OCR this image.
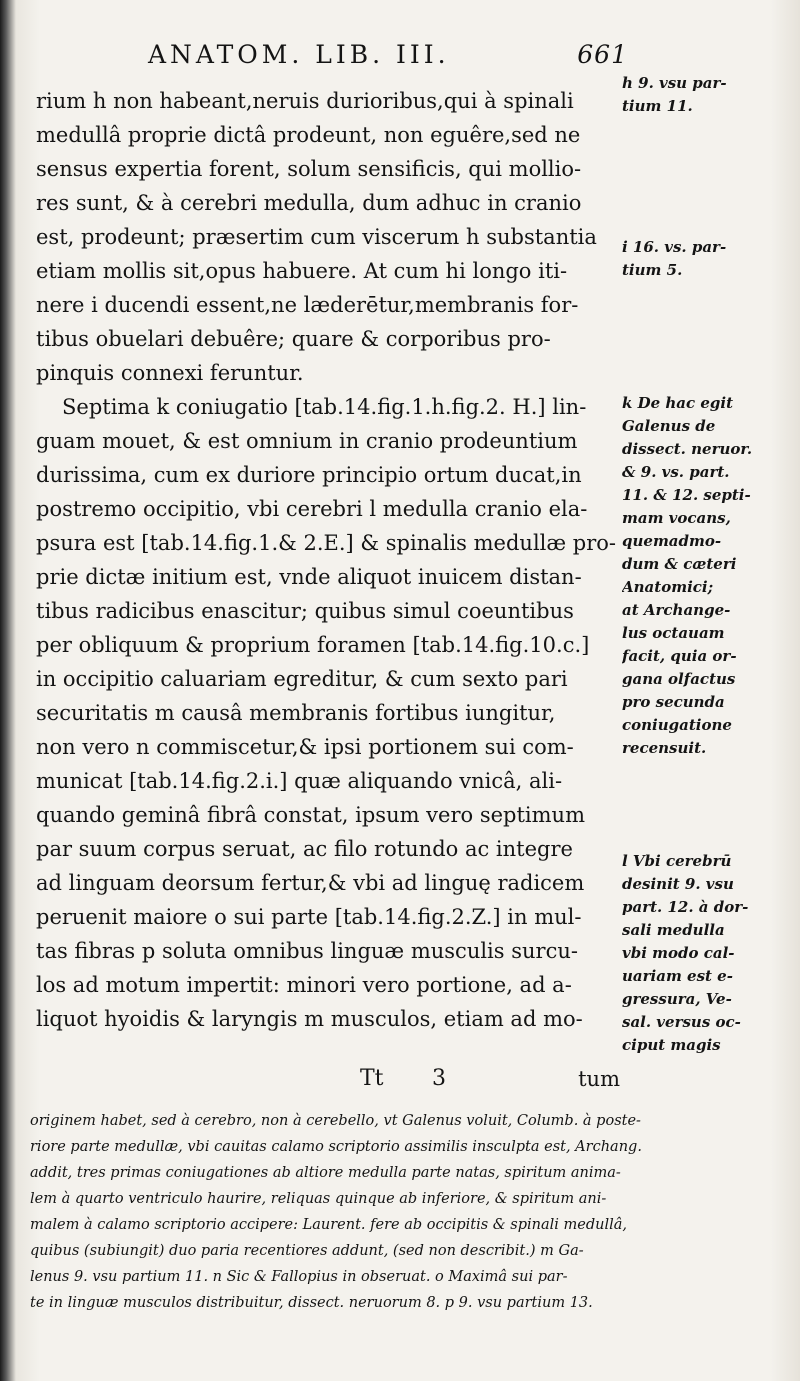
ANATOM. LIB. III.	661
rium h non habeant,neruis durioribus,qui à spinali
medullâ proprie dictâ prodeunt, non eguêre,sed ne
sensus expertia forent, solum sensificis, qui mollio-
res sunt, & à cerebri medulla, dum adhuc in cranio
est, prodeunt; præsertim cum viscerum h substantia
etiam mollis sit,opus habuere. At cum hi longo iti-
nere i ducendi essent,ne læderētur,membranis for-
tibus obuelari debuêre; quare & corporibus pro-
pinquis connexi feruntur.
Septima k coniugatio [tab.14.fig.1.h.fig.2. H.] lin-
guam mouet, & est omnium in cranio prodeuntium
durissima, cum ex duriore principio ortum ducat,in
postremo occipitio, vbi cerebri l medulla cranio ela-
psura est [tab.14.fig.1.& 2.E.] & spinalis medullæ pro-
prie dictæ initium est, vnde aliquot inuicem distan-
tibus radicibus enascitur; quibus simul coeuntibus
per obliquum & proprium foramen [tab.14.fig.10.c.]
in occipitio caluariam egreditur, & cum sexto pari
securitatis m causâ membranis fortibus iungitur,
non vero n commiscetur,& ipsi portionem sui com-
municat [tab.14.fig.2.i.] quæ aliquando vnicâ, ali-
quando geminâ fibrâ constat, ipsum vero septimum
par suum corpus seruat, ac filo rotundo ac integre
ad linguam deorsum fertur,& vbi ad linguę radicem
peruenit maiore o sui parte [tab.14.fig.2.Z.] in mul-
tas fibras p soluta omnibus linguæ musculis surcu-
los ad motum impertit: minori vero portione, ad a-
liquot hyoidis & laryngis m musculos, etiam ad mo-
Tt 3	tum
h 9. vsu par-
tium 11.
i 16. vs. par-
tium 5.
k De hac egit
Galenus de
dissect. neruor.
& 9. vs. part.
11. & 12. septi-
mam vocans,
quemadmo-
dum & cæteri
Anatomici;
at Archange-
lus octauam
facit, quia or-
gana olfactus
pro secunda
coniugatione
recensuit.
l Vbi cerebrū
desinit 9. vsu
part. 12. à dor-
sali medulla
vbi modo cal-
uariam est e-
gressura, Ve-
sal. versus oc-
ciput magis
originem habet, sed à cerebro, non à cerebello, vt Galenus voluit, Columb. à poste-
riore parte medullæ, vbi cauitas calamo scriptorio assimilis insculpta est, Archang.
addit, tres primas coniugationes ab altiore medulla parte natas, spiritum anima-
lem à quarto ventriculo haurire, reliquas quinque ab inferiore, & spiritum ani-
malem à calamo scriptorio accipere: Laurent. fere ab occipitis & spinali medullâ,
quibus (subiungit) duo paria recentiores addunt, (sed non describit.) m Ga-
lenus 9. vsu partium 11. n Sic & Fallopius in obseruat. o Maximâ sui par-
te in linguæ musculos distribuitur, dissect. neruorum 8. p 9. vsu partium 13.
